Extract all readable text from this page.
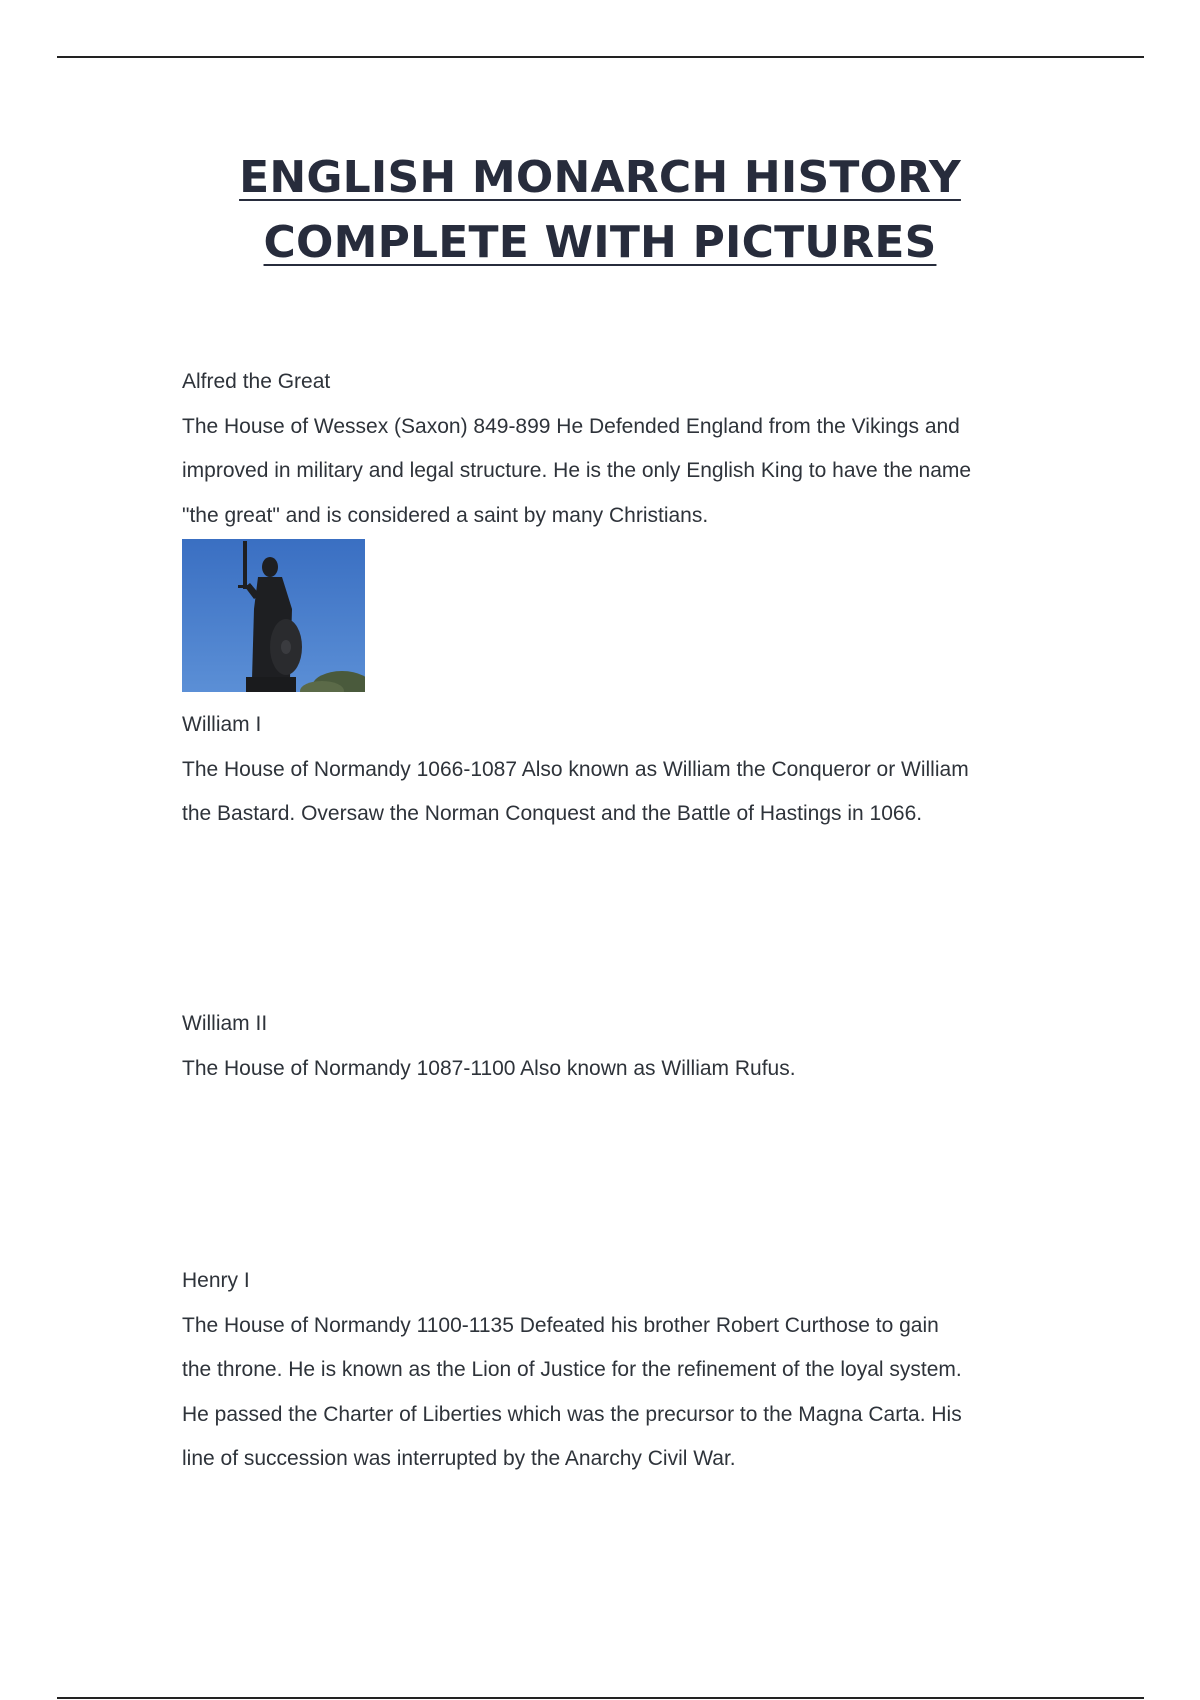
ENGLISH MONARCH HISTORY
COMPLETE WITH PICTURES

Alfred the Great

The House of Wessex (Saxon) 849-899 He Defended England from the Vikings and

improved in military and legal structure. He is the only English King to have the name

"the great" and is considered a saint by many Christians.

William I

The House of Normandy 1066-1087 Also known as William the Conqueror or William

the Bastard. Oversaw the Norman Conquest and the Battle of Hastings in 1066.

William II

The House of Normandy 1087-1100 Also known as William Rufus.

Henry I

The House of Normandy 1100-1135 Defeated his brother Robert Curthose to gain

the throne. He is known as the Lion of Justice for the refinement of the loyal system.

He passed the Charter of Liberties which was the precursor to the Magna Carta. His

line of succession was interrupted by the Anarchy Civil War.
